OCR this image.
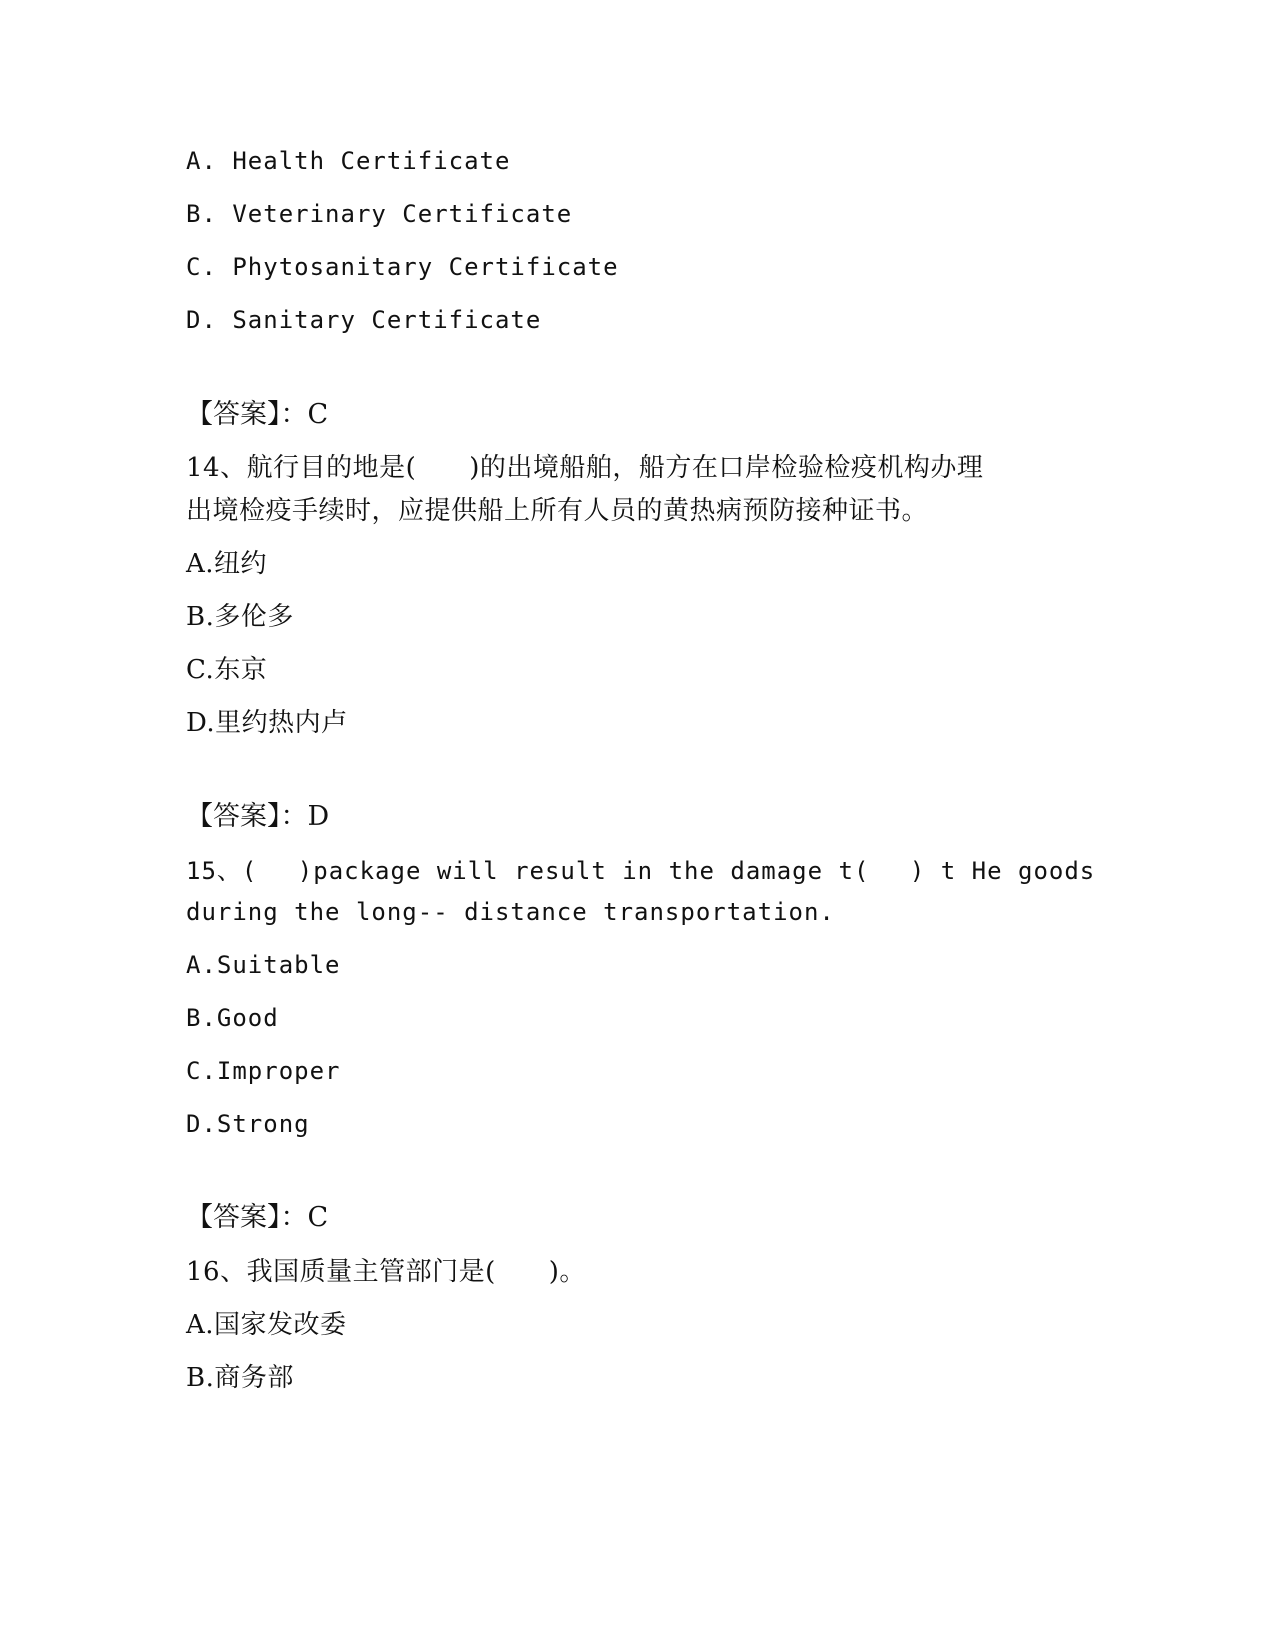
A. Health Certificate
B. Veterinary Certificate
C. Phytosanitary Certificate
D. Sanitary Certificate
【答案】：C
14、航行目的地是(　　)的出境船舶，船方在口岸检验检疫机构办理
出境检疫手续时，应提供船上所有人员的黄热病预防接种证书。
A.纽约
B.多伦多
C.东京
D.里约热内卢
【答案】：D
15、(　 )package will result in the damage t(　 ) t He goods
during the long-- distance transportation.
A.Suitable
B.Good
C.Improper
D.Strong
【答案】：C
16、我国质量主管部门是(　　)。
A.国家发改委
B.商务部
